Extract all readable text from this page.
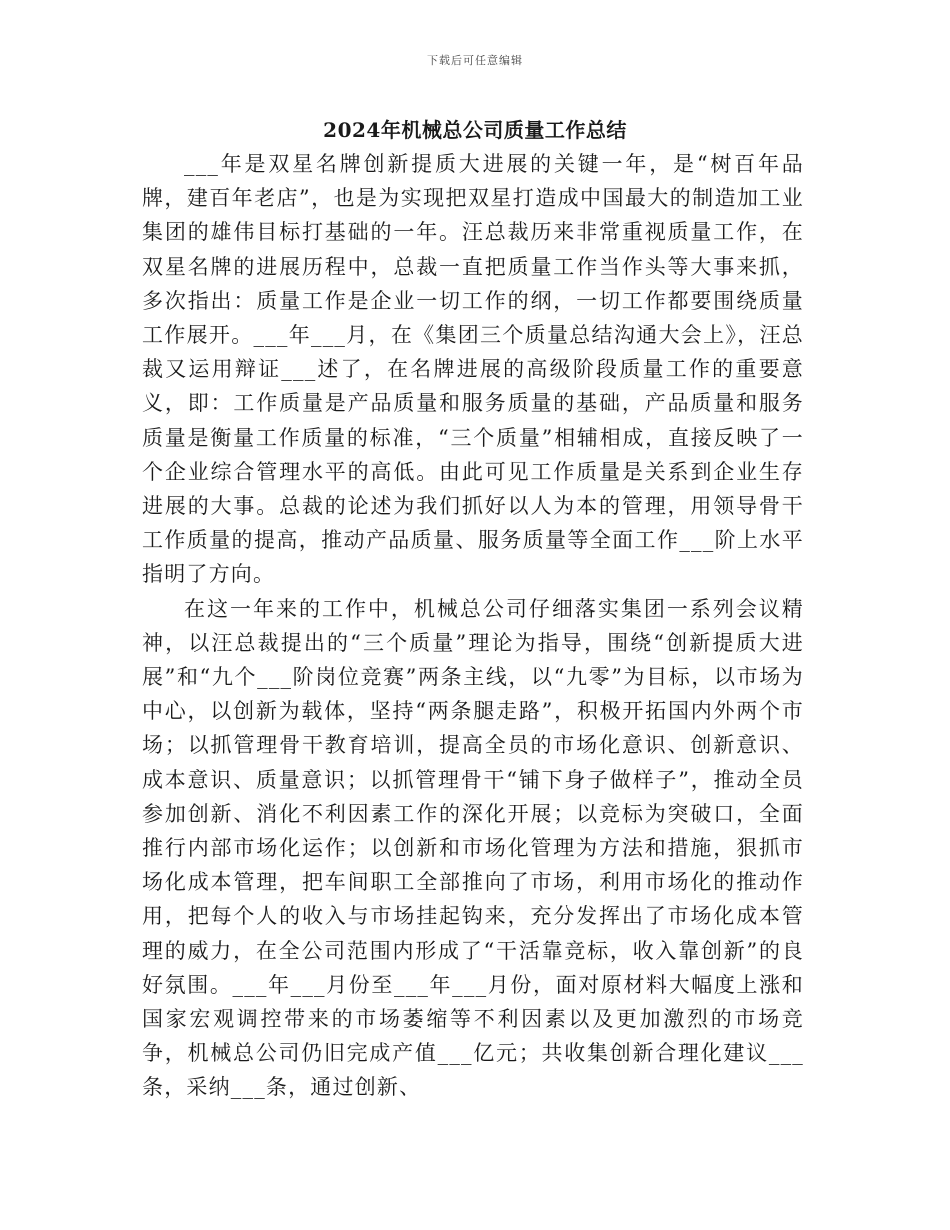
下载后可任意编辑
2024年机械总公司质量工作总结

___年是双星名牌创新提质大进展的关键一年，是“树百年品牌，建百年老店”，也是为实现把双星打造成中国最大的制造加工业集团的雄伟目标打基础的一年。汪总裁历来非常重视质量工作，在双星名牌的进展历程中，总裁一直把质量工作当作头等大事来抓，多次指出：质量工作是企业一切工作的纲，一切工作都要围绕质量工作展开。___年___月，在《集团三个质量总结沟通大会上》，汪总裁又运用辩证___述了，在名牌进展的高级阶段质量工作的重要意义，即：工作质量是产品质量和服务质量的基础，产品质量和服务质量是衡量工作质量的标准，“三个质量”相辅相成，直接反映了一个企业综合管理水平的高低。由此可见工作质量是关系到企业生存进展的大事。总裁的论述为我们抓好以人为本的管理，用领导骨干工作质量的提高，推动产品质量、服务质量等全面工作___阶上水平指明了方向。

在这一年来的工作中，机械总公司仔细落实集团一系列会议精神，以汪总裁提出的“三个质量”理论为指导，围绕“创新提质大进展”和“九个___阶岗位竞赛”两条主线，以“九零”为目标，以市场为中心，以创新为载体，坚持“两条腿走路”，积极开拓国内外两个市场；以抓管理骨干教育培训，提高全员的市场化意识、创新意识、成本意识、质量意识；以抓管理骨干“铺下身子做样子”，推动全员参加创新、消化不利因素工作的深化开展；以竞标为突破口，全面推行内部市场化运作；以创新和市场化管理为方法和措施，狠抓市场化成本管理，把车间职工全部推向了市场，利用市场化的推动作用，把每个人的收入与市场挂起钩来，充分发挥出了市场化成本管理的威力，在全公司范围内形成了“干活靠竞标，收入靠创新”的良好氛围。___年___月份至___年___月份，面对原材料大幅度上涨和国家宏观调控带来的市场萎缩等不利因素以及更加激烈的市场竞争，机械总公司仍旧完成产值___亿元；共收集创新合理化建议___条，采纳___条，通过创新、
